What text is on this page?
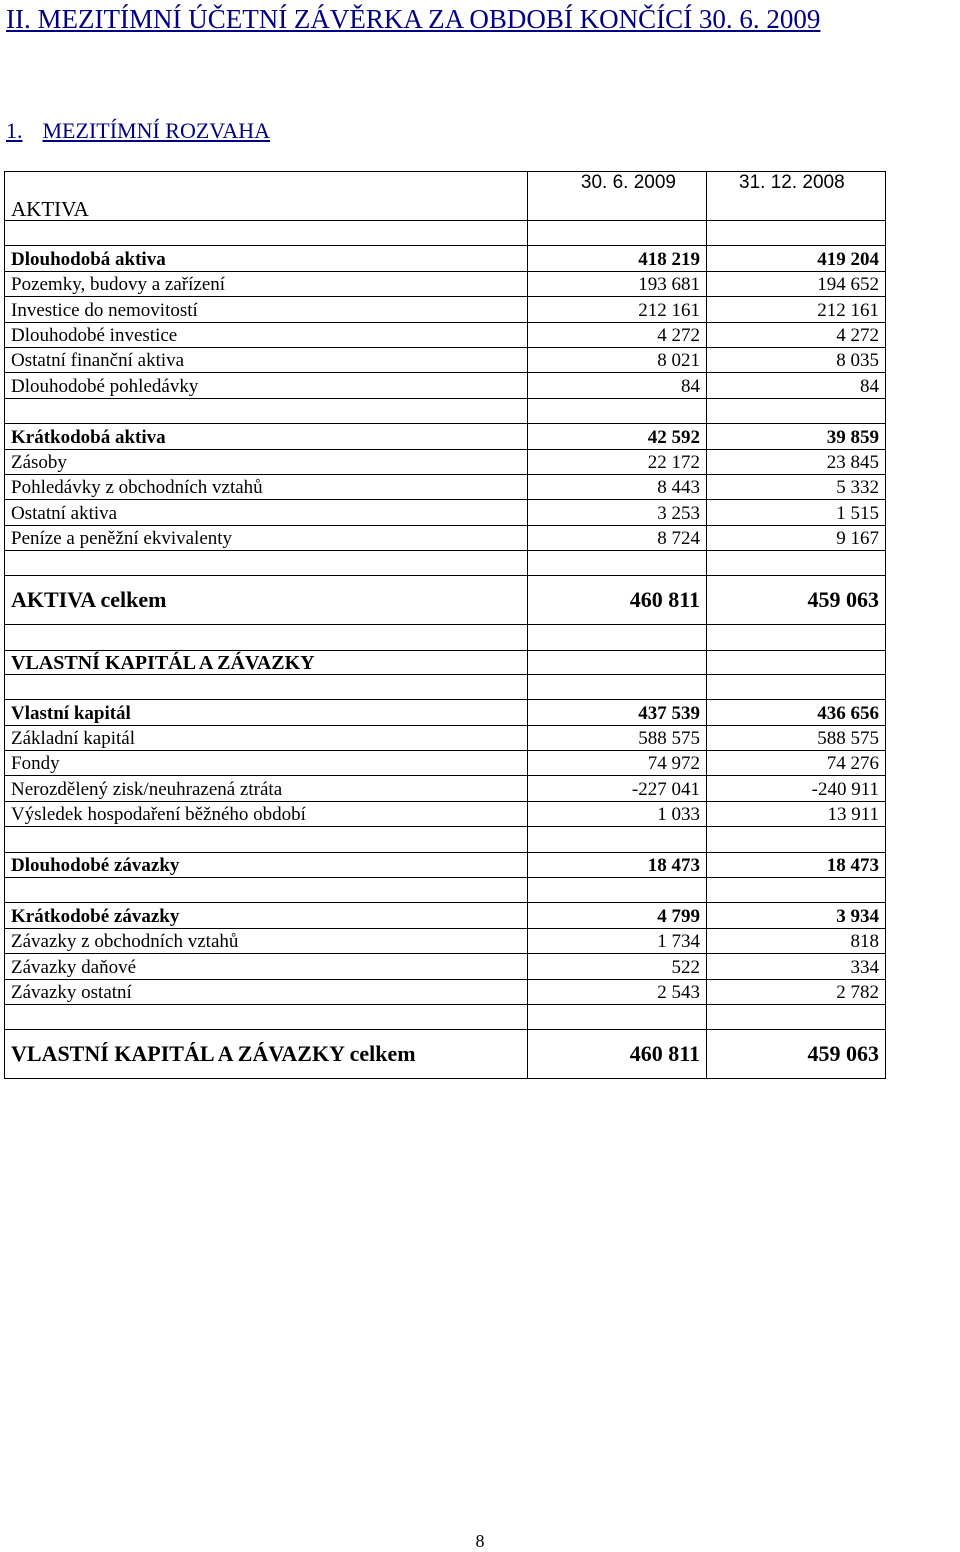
II. MEZITÍMNÍ ÚČETNÍ ZÁVĚRKA ZA OBDOBÍ KONČÍCÍ 30. 6. 2009
1. MEZITÍMNÍ ROZVAHA
	30. 6. 2009	31. 12. 2008
AKTIVA		

Dlouhodobá aktiva	418 219	419 204
Pozemky, budovy a zařízení	193 681	194 652
Investice do nemovitostí	212 161	212 161
Dlouhodobé investice	4 272	4 272
Ostatní finanční aktiva	8 021	8 035
Dlouhodobé pohledávky	84	84

Krátkodobá aktiva	42 592	39 859
Zásoby	22 172	23 845
Pohledávky z obchodních vztahů	8 443	5 332
Ostatní aktiva	3 253	1 515
Peníze a peněžní ekvivalenty	8 724	9 167

AKTIVA celkem	460 811	459 063

VLASTNÍ KAPITÁL A ZÁVAZKY		

Vlastní kapitál	437 539	436 656
Základní kapitál	588 575	588 575
Fondy	74 972	74 276
Nerozdělený zisk/neuhrazená ztráta	-227 041	-240 911
Výsledek hospodaření běžného období	1 033	13 911

Dlouhodobé závazky	18 473	18 473

Krátkodobé závazky	4 799	3 934
Závazky z obchodních vztahů	1 734	818
Závazky daňové	522	334
Závazky ostatní	2 543	2 782

VLASTNÍ KAPITÁL A ZÁVAZKY celkem	460 811	459 063
8
